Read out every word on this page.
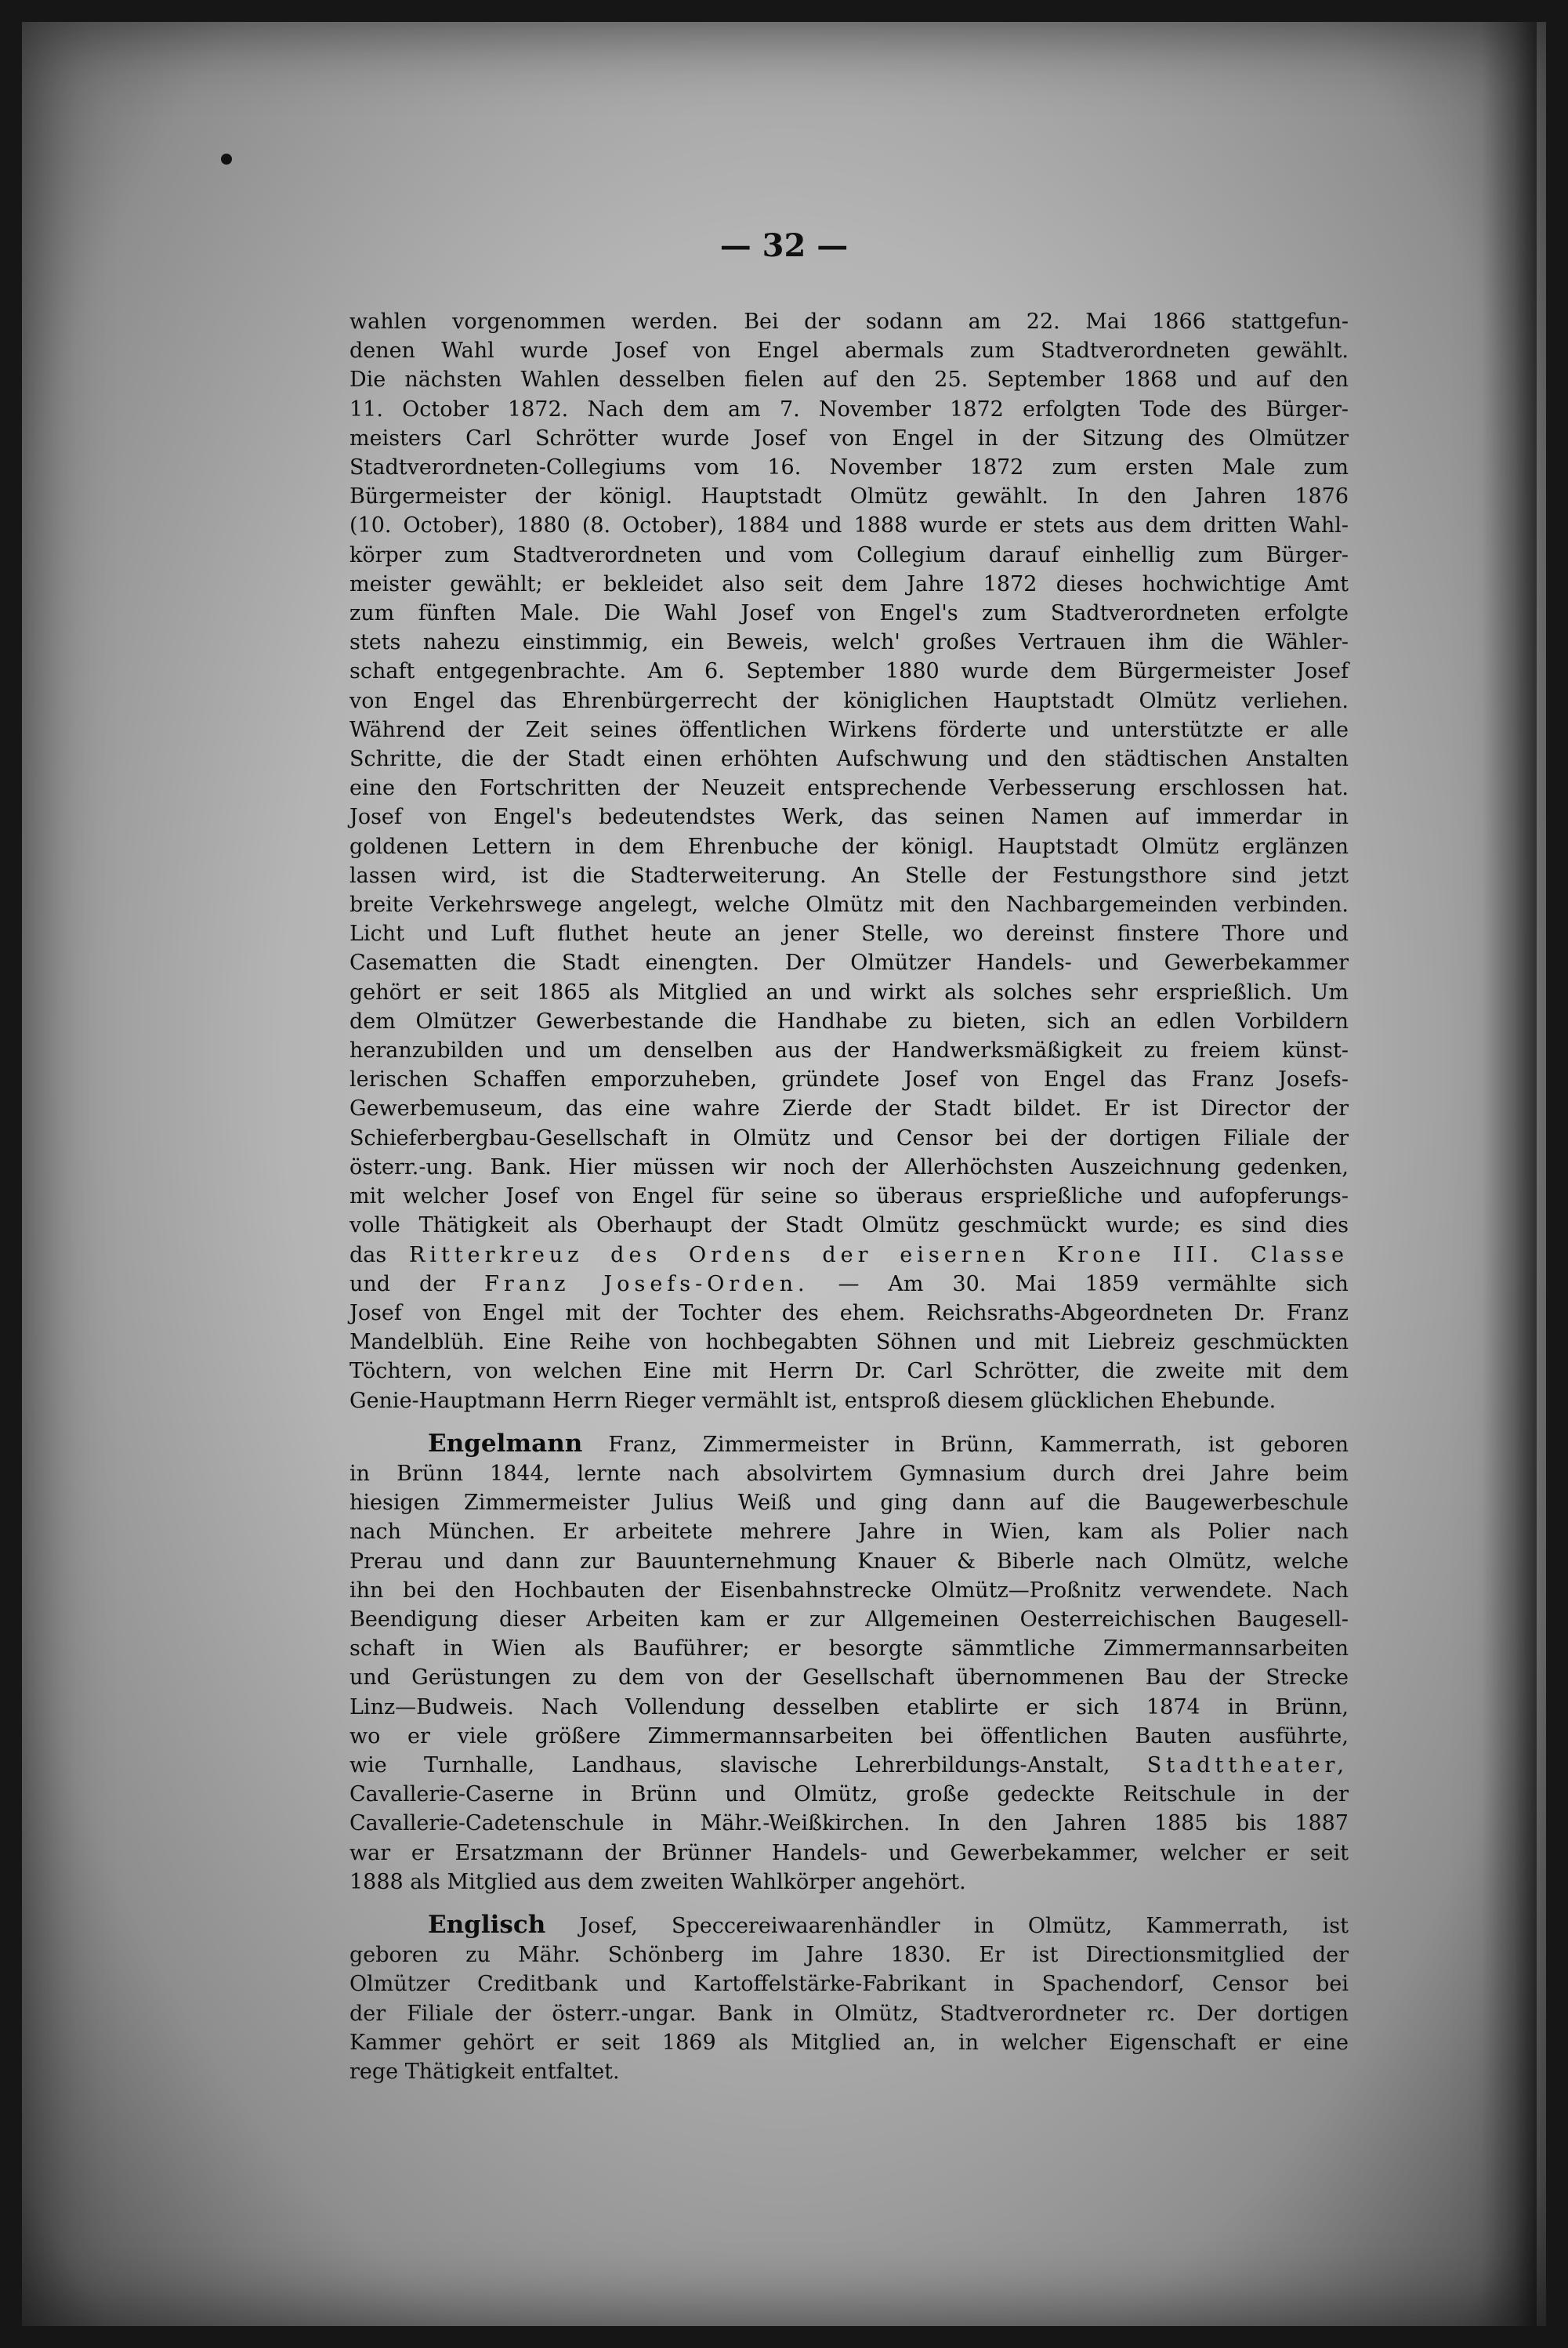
— 32 —

wahlen vorgenommen werden. Bei der sodann am 22. Mai 1866 stattgefun-
denen Wahl wurde Josef von Engel abermals zum Stadtverordneten gewählt.
Die nächsten Wahlen desselben fielen auf den 25. September 1868 und auf den
11. October 1872. Nach dem am 7. November 1872 erfolgten Tode des Bürger-
meisters Carl Schrötter wurde Josef von Engel in der Sitzung des Olmützer
Stadtverordneten-Collegiums vom 16. November 1872 zum ersten Male zum
Bürgermeister der königl. Hauptstadt Olmütz gewählt. In den Jahren 1876
(10. October), 1880 (8. October), 1884 und 1888 wurde er stets aus dem dritten Wahl-
körper zum Stadtverordneten und vom Collegium darauf einhellig zum Bürger-
meister gewählt; er bekleidet also seit dem Jahre 1872 dieses hochwichtige Amt
zum fünften Male. Die Wahl Josef von Engel's zum Stadtverordneten erfolgte
stets nahezu einstimmig, ein Beweis, welch' großes Vertrauen ihm die Wähler-
schaft entgegenbrachte. Am 6. September 1880 wurde dem Bürgermeister Josef
von Engel das Ehrenbürgerrecht der königlichen Hauptstadt Olmütz verliehen.
Während der Zeit seines öffentlichen Wirkens förderte und unterstützte er alle
Schritte, die der Stadt einen erhöhten Aufschwung und den städtischen Anstalten
eine den Fortschritten der Neuzeit entsprechende Verbesserung erschlossen hat.
Josef von Engel's bedeutendstes Werk, das seinen Namen auf immerdar in
goldenen Lettern in dem Ehrenbuche der königl. Hauptstadt Olmütz erglänzen
lassen wird, ist die Stadterweiterung. An Stelle der Festungsthore sind jetzt
breite Verkehrswege angelegt, welche Olmütz mit den Nachbargemeinden verbinden.
Licht und Luft fluthet heute an jener Stelle, wo dereinst finstere Thore und
Casematten die Stadt einengten. Der Olmützer Handels- und Gewerbekammer
gehört er seit 1865 als Mitglied an und wirkt als solches sehr ersprießlich. Um
dem Olmützer Gewerbestande die Handhabe zu bieten, sich an edlen Vorbildern
heranzubilden und um denselben aus der Handwerksmäßigkeit zu freiem künst-
lerischen Schaffen emporzuheben, gründete Josef von Engel das Franz Josefs-
Gewerbemuseum, das eine wahre Zierde der Stadt bildet. Er ist Director der
Schieferbergbau-Gesellschaft in Olmütz und Censor bei der dortigen Filiale der
österr.-ung. Bank. Hier müssen wir noch der Allerhöchsten Auszeichnung gedenken,
mit welcher Josef von Engel für seine so überaus ersprießliche und aufopferungs-
volle Thätigkeit als Oberhaupt der Stadt Olmütz geschmückt wurde; es sind dies
das Ritterkreuz des Ordens der eisernen Krone III. Classe
und der Franz Josefs-Orden. — Am 30. Mai 1859 vermählte sich
Josef von Engel mit der Tochter des ehem. Reichsraths-Abgeordneten Dr. Franz
Mandelblüh. Eine Reihe von hochbegabten Söhnen und mit Liebreiz geschmückten
Töchtern, von welchen Eine mit Herrn Dr. Carl Schrötter, die zweite mit dem
Genie-Hauptmann Herrn Rieger vermählt ist, entsproß diesem glücklichen Ehebunde.

Engelmann Franz, Zimmermeister in Brünn, Kammerrath, ist geboren
in Brünn 1844, lernte nach absolvirtem Gymnasium durch drei Jahre beim
hiesigen Zimmermeister Julius Weiß und ging dann auf die Baugewerbeschule
nach München. Er arbeitete mehrere Jahre in Wien, kam als Polier nach
Prerau und dann zur Bauunternehmung Knauer & Biberle nach Olmütz, welche
ihn bei den Hochbauten der Eisenbahnstrecke Olmütz—Proßnitz verwendete. Nach
Beendigung dieser Arbeiten kam er zur Allgemeinen Oesterreichischen Baugesell-
schaft in Wien als Bauführer; er besorgte sämmtliche Zimmermannsarbeiten
und Gerüstungen zu dem von der Gesellschaft übernommenen Bau der Strecke
Linz—Budweis. Nach Vollendung desselben etablirte er sich 1874 in Brünn,
wo er viele größere Zimmermannsarbeiten bei öffentlichen Bauten ausführte,
wie Turnhalle, Landhaus, slavische Lehrerbildungs-Anstalt, Stadttheater,
Cavallerie-Caserne in Brünn und Olmütz, große gedeckte Reitschule in der
Cavallerie-Cadetenschule in Mähr.-Weißkirchen. In den Jahren 1885 bis 1887
war er Ersatzmann der Brünner Handels- und Gewerbekammer, welcher er seit
1888 als Mitglied aus dem zweiten Wahlkörper angehört.

Englisch Josef, Speccereiwaarenhändler in Olmütz, Kammerrath, ist
geboren zu Mähr. Schönberg im Jahre 1830. Er ist Directionsmitglied der
Olmützer Creditbank und Kartoffelstärke-Fabrikant in Spachendorf, Censor bei
der Filiale der österr.-ungar. Bank in Olmütz, Stadtverordneter rc. Der dortigen
Kammer gehört er seit 1869 als Mitglied an, in welcher Eigenschaft er eine
rege Thätigkeit entfaltet.
